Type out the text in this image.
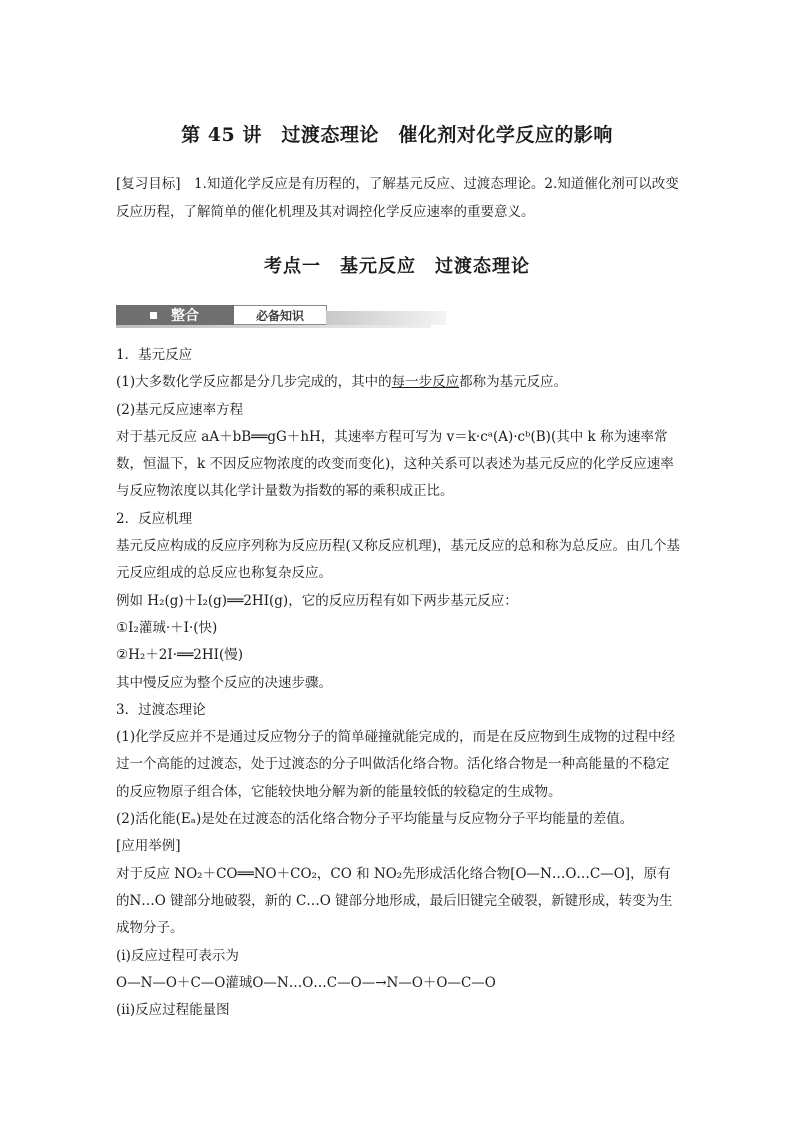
第 45 讲　过渡态理论　催化剂对化学反应的影响
[复习目标]　1.知道化学反应是有历程的，了解基元反应、过渡态理论。2.知道催化剂可以改变反应历程，了解简单的催化机理及其对调控化学反应速率的重要意义。
考点一　基元反应　过渡态理论
整合	必备知识

1．基元反应

(1)大多数化学反应都是分几步完成的，其中的每一步反应都称为基元反应。

(2)基元反应速率方程

对于基元反应 aA＋bB══gG＋hH，其速率方程可写为 v＝k·cᵃ(A)·cᵇ(B)(其中 k 称为速率常数，恒温下，k 不因反应物浓度的改变而变化)，这种关系可以表述为基元反应的化学反应速率与反应物浓度以其化学计量数为指数的幂的乘积成正比。

2．反应机理

基元反应构成的反应序列称为反应历程(又称反应机理)，基元反应的总和称为总反应。由几个基元反应组成的总反应也称复杂反应。

例如 H₂(g)＋I₂(g)══2HI(g)，它的反应历程有如下两步基元反应：

①I₂灌珹·＋I·(快)

②H₂＋2I·══2HI(慢)

其中慢反应为整个反应的决速步骤。

3．过渡态理论

(1)化学反应并不是通过反应物分子的简单碰撞就能完成的，而是在反应物到生成物的过程中经过一个高能的过渡态，处于过渡态的分子叫做活化络合物。活化络合物是一种高能量的不稳定的反应物原子组合体，它能较快地分解为新的能量较低的较稳定的生成物。

(2)活化能(Eₐ)是处在过渡态的活化络合物分子平均能量与反应物分子平均能量的差值。

[应用举例]

对于反应 NO₂＋CO══NO＋CO₂，CO 和 NO₂先形成活化络合物[O—N…O…C—O]，原有的N…O 键部分地破裂，新的 C…O 键部分地形成，最后旧键完全破裂，新键形成，转变为生成物分子。

(ⅰ)反应过程可表示为

O—N—O＋C—O灌珹O—N…O…C—O—→N—O＋O—C—O

(ⅱ)反应过程能量图
